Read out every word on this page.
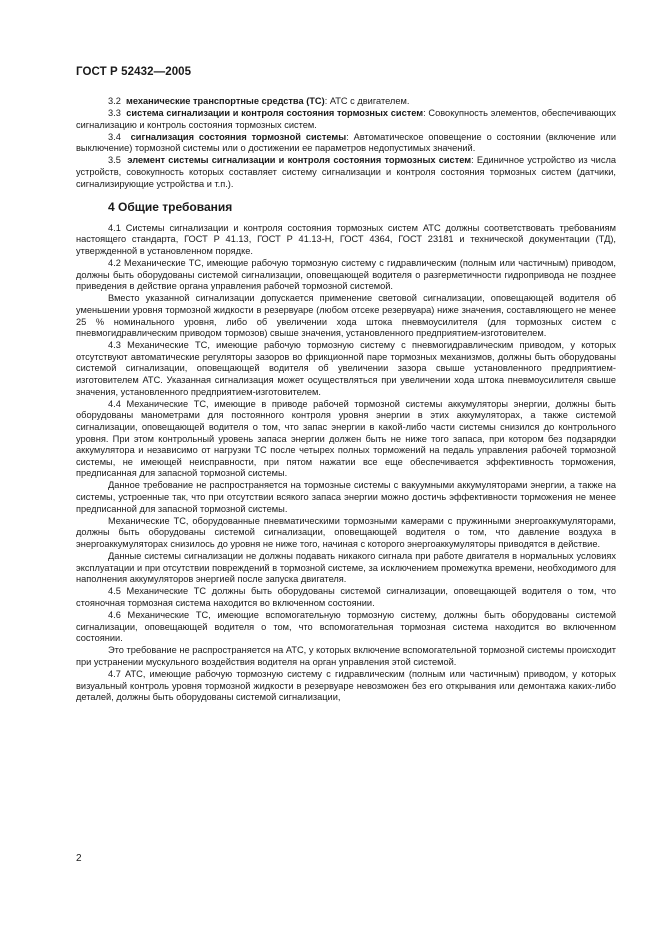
ГОСТ Р 52432—2005

3.2 механические транспортные средства (ТС): АТС с двигателем.

3.3 система сигнализации и контроля состояния тормозных систем: Совокупность элементов, обеспечивающих сигнализацию и контроль состояния тормозных систем.

3.4 сигнализация состояния тормозной системы: Автоматическое оповещение о состоянии (включение или выключение) тормозной системы или о достижении ее параметров недопустимых значений.

3.5 элемент системы сигнализации и контроля состояния тормозных систем: Единичное устройство из числа устройств, совокупность которых составляет систему сигнализации и контроля состояния тормозных систем (датчики, сигнализирующие устройства и т.п.).

4 Общие требования

4.1 Системы сигнализации и контроля состояния тормозных систем АТС должны соответствовать требованиям настоящего стандарта, ГОСТ Р 41.13, ГОСТ Р 41.13-Н, ГОСТ 4364, ГОСТ 23181 и технической документации (ТД), утвержденной в установленном порядке.

4.2 Механические ТС, имеющие рабочую тормозную систему с гидравлическим (полным или частичным) приводом, должны быть оборудованы системой сигнализации, оповещающей водителя о разгерметичности гидропривода не позднее приведения в действие органа управления рабочей тормозной системой.

Вместо указанной сигнализации допускается применение световой сигнализации, оповещающей водителя об уменьшении уровня тормозной жидкости в резервуаре (любом отсеке резервуара) ниже значения, составляющего не менее 25 % номинального уровня, либо об увеличении хода штока пневмоусилителя (для тормозных систем с пневмогидравлическим приводом тормозов) свыше значения, установленного предприятием-изготовителем.

4.3 Механические ТС, имеющие рабочую тормозную систему с пневмогидравлическим приводом, у которых отсутствуют автоматические регуляторы зазоров во фрикционной паре тормозных механизмов, должны быть оборудованы системой сигнализации, оповещающей водителя об увеличении зазора свыше установленного предприятием-изготовителем АТС. Указанная сигнализация может осуществляться при увеличении хода штока пневмоусилителя свыше значения, установленного предприятием-изготовителем.

4.4 Механические ТС, имеющие в приводе рабочей тормозной системы аккумуляторы энергии, должны быть оборудованы манометрами для постоянного контроля уровня энергии в этих аккумуляторах, а также системой сигнализации, оповещающей водителя о том, что запас энергии в какой-либо части системы снизился до контрольного уровня. При этом контрольный уровень запаса энергии должен быть не ниже того запаса, при котором без подзарядки аккумулятора и независимо от нагрузки ТС после четырех полных торможений на педаль управления рабочей тормозной системы, не имеющей неисправности, при пятом нажатии все еще обеспечивается эффективность торможения, предписанная для запасной тормозной системы.

Данное требование не распространяется на тормозные системы с вакуумными аккумуляторами энергии, а также на системы, устроенные так, что при отсутствии всякого запаса энергии можно достичь эффективности торможения не менее предписанной для запасной тормозной системы.

Механические ТС, оборудованные пневматическими тормозными камерами с пружинными энергоаккумуляторами, должны быть оборудованы системой сигнализации, оповещающей водителя о том, что давление воздуха в энергоаккумуляторах снизилось до уровня не ниже того, начиная с которого энергоаккумуляторы приводятся в действие.

Данные системы сигнализации не должны подавать никакого сигнала при работе двигателя в нормальных условиях эксплуатации и при отсутствии повреждений в тормозной системе, за исключением промежутка времени, необходимого для наполнения аккумуляторов энергией после запуска двигателя.

4.5 Механические ТС должны быть оборудованы системой сигнализации, оповещающей водителя о том, что стояночная тормозная система находится во включенном состоянии.

4.6 Механические ТС, имеющие вспомогательную тормозную систему, должны быть оборудованы системой сигнализации, оповещающей водителя о том, что вспомогательная тормозная система находится во включенном состоянии.

Это требование не распространяется на АТС, у которых включение вспомогательной тормозной системы происходит при устранении мускульного воздействия водителя на орган управления этой системой.

4.7 АТС, имеющие рабочую тормозную систему с гидравлическим (полным или частичным) приводом, у которых визуальный контроль уровня тормозной жидкости в резервуаре невозможен без его открывания или демонтажа каких-либо деталей, должны быть оборудованы системой сигнализации,

2
